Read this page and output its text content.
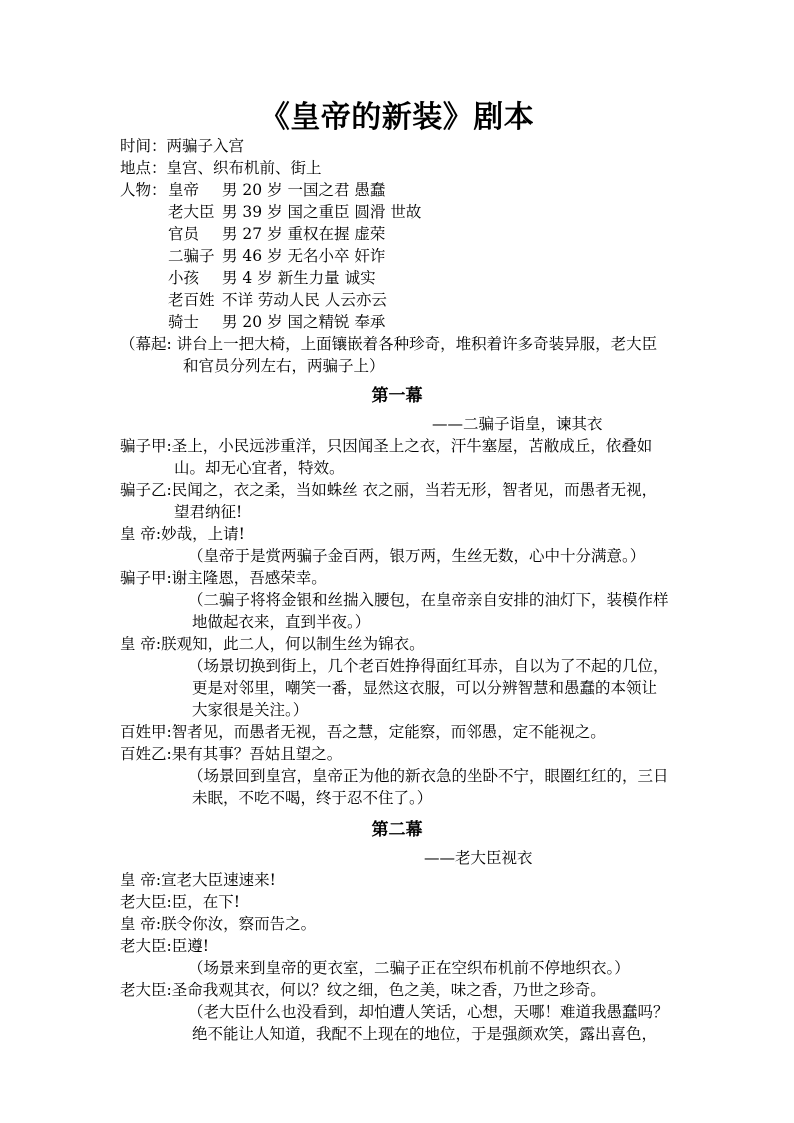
《皇帝的新装》剧本
时间：两骗子入宫
地点：皇宫、织布机前、街上
人物： 皇帝 男 20 岁 一国之君 愚蠢
老大臣 男 39 岁 国之重臣 圆滑 世故
官员 男 27 岁 重权在握 虚荣
二骗子 男 46 岁 无名小卒 奸诈
小孩 男 4 岁 新生力量 诚实
老百姓 不详 劳动人民 人云亦云
骑士 男 20 岁 国之精锐 奉承
（幕起: 讲台上一把大椅，上面镶嵌着各种珍奇，堆积着许多奇装异服，老大臣
和官员分列左右，两骗子上）
第一幕
——二骗子诣皇，谏其衣
骗子甲:圣上，小民远涉重洋，只因闻圣上之衣，汗牛塞屋，苫敝成丘，依叠如
山。却无心宜者，特效。
骗子乙:民闻之，衣之柔，当如蛛丝 衣之丽，当若无形，智者见，而愚者无视，
望君纳征!
皇 帝:妙哉，上请!
（皇帝于是赏两骗子金百两，银万两，生丝无数，心中十分满意。）
骗子甲:谢主隆恩，吾感荣幸。
（二骗子将将金银和丝揣入腰包，在皇帝亲自安排的油灯下，装模作样
地做起衣来，直到半夜。）
皇 帝:朕观知，此二人，何以制生丝为锦衣。
（场景切换到街上，几个老百姓挣得面红耳赤，自以为了不起的几位，
更是对邻里，嘲笑一番，显然这衣服，可以分辨智慧和愚蠢的本领让
大家很是关注。）
百姓甲:智者见，而愚者无视，吾之慧，定能察，而邻愚，定不能视之。
百姓乙:果有其事？吾姑且望之。
（场景回到皇宫，皇帝正为他的新衣急的坐卧不宁，眼圈红红的，三日
未眠，不吃不喝，终于忍不住了。）
第二幕
——老大臣视衣
皇 帝:宣老大臣速速来!
老大臣:臣，在下!
皇 帝:朕令你汝，察而告之。
老大臣:臣遵!
（场景来到皇帝的更衣室，二骗子正在空织布机前不停地织衣。）
老大臣:圣命我观其衣，何以？纹之细，色之美，味之香，乃世之珍奇。
（老大臣什么也没看到，却怕遭人笑话，心想，天哪！难道我愚蠢吗？
绝不能让人知道，我配不上现在的地位，于是强颜欢笑，露出喜色，
